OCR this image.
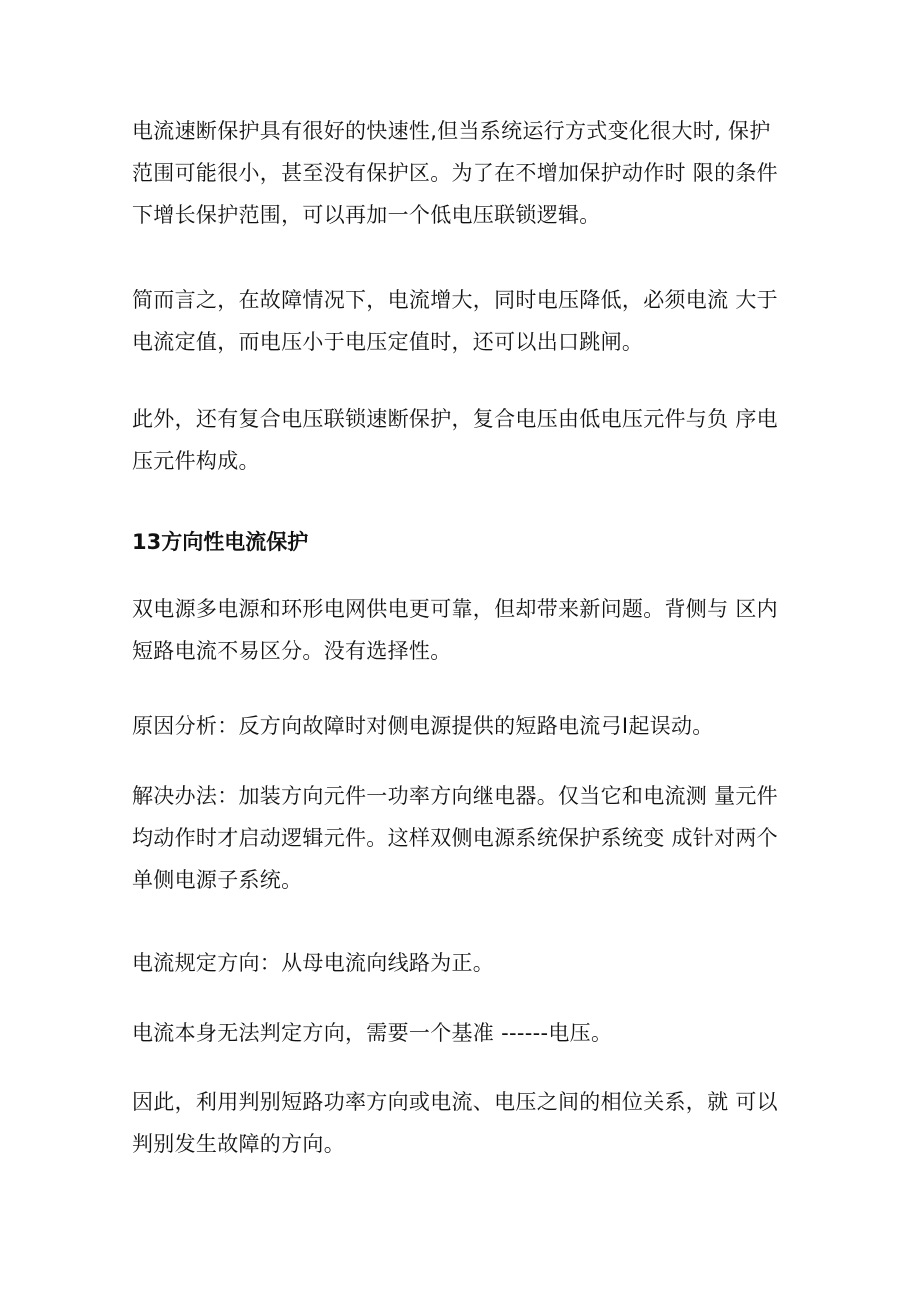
电流速断保护具有很好的快速性,但当系统运行方式变化很大时, 保护
范围可能很小，甚至没有保护区。为了在不增加保护动作时 限的条件
下增长保护范围，可以再加一个低电压联锁逻辑。

简而言之，在故障情况下，电流增大，同时电压降低，必须电流 大于
电流定值，而电压小于电压定值时，还可以出口跳闸。

此外，还有复合电压联锁速断保护，复合电压由低电压元件与负 序电
压元件构成。

13方向性电流保护

双电源多电源和环形电网供电更可靠，但却带来新问题。背侧与 区内
短路电流不易区分。没有选择性。

原因分析：反方向故障时对侧电源提供的短路电流弓I起误动。

解决办法：加装方向元件一功率方向继电器。仅当它和电流测 量元件
均动作时才启动逻辑元件。这样双侧电源系统保护系统变 成针对两个
单侧电源子系统。

电流规定方向：从母电流向线路为正。

电流本身无法判定方向，需要一个基准 ------电压。

因此，利用判别短路功率方向或电流、电压之间的相位关系，就 可以
判别发生故障的方向。
